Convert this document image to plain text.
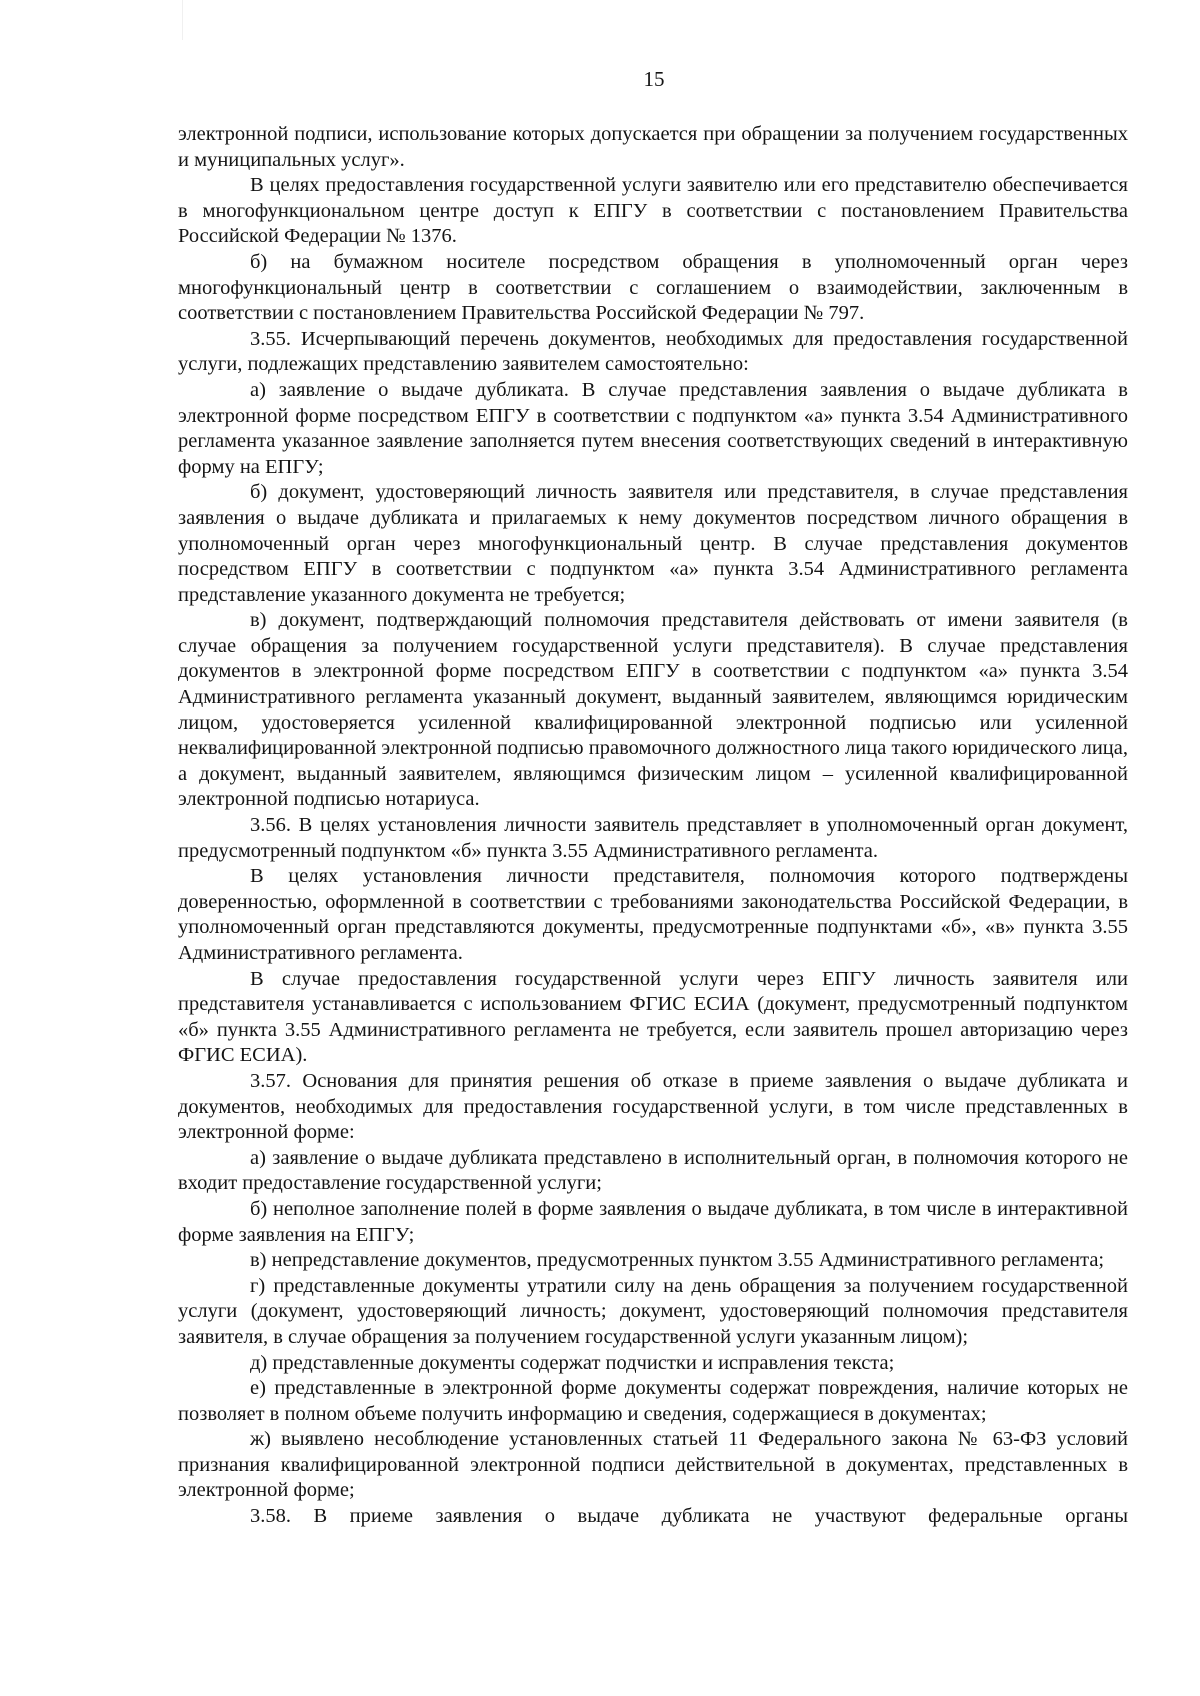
15

электронной подписи, использование которых допускается при обращении за получением государственных и муниципальных услуг».

В целях предоставления государственной услуги заявителю или его представителю обеспечивается в многофункциональном центре доступ к ЕПГУ в соответствии с постановлением Правительства Российской Федерации № 1376.

б) на бумажном носителе посредством обращения в уполномоченный орган через многофункциональный центр в соответствии с соглашением о взаимодействии, заключенным в соответствии с постановлением Правительства Российской Федерации № 797.

3.55. Исчерпывающий перечень документов, необходимых для предоставления государственной услуги, подлежащих представлению заявителем самостоятельно:

а) заявление о выдаче дубликата. В случае представления заявления о выдаче дубликата в электронной форме посредством ЕПГУ в соответствии с подпунктом «а» пункта 3.54 Административного регламента указанное заявление заполняется путем внесения соответствующих сведений в интерактивную форму на ЕПГУ;

б) документ, удостоверяющий личность заявителя или представителя, в случае представления заявления о выдаче дубликата и прилагаемых к нему документов посредством личного обращения в уполномоченный орган через многофункциональный центр. В случае представления документов посредством ЕПГУ в соответствии с подпунктом «а» пункта 3.54 Административного регламента представление указанного документа не требуется;

в) документ, подтверждающий полномочия представителя действовать от имени заявителя (в случае обращения за получением государственной услуги представителя). В случае представления документов в электронной форме посредством ЕПГУ в соответствии с подпунктом «а» пункта 3.54 Административного регламента указанный документ, выданный заявителем, являющимся юридическим лицом, удостоверяется усиленной квалифицированной электронной подписью или усиленной неквалифицированной электронной подписью правомочного должностного лица такого юридического лица, а документ, выданный заявителем, являющимся физическим лицом – усиленной квалифицированной электронной подписью нотариуса.

3.56. В целях установления личности заявитель представляет в уполномоченный орган документ, предусмотренный подпунктом «б» пункта 3.55 Административного регламента.

В целях установления личности представителя, полномочия которого подтверждены доверенностью, оформленной в соответствии с требованиями законодательства Российской Федерации, в уполномоченный орган представляются документы, предусмотренные подпунктами «б», «в» пункта 3.55 Административного регламента.

В случае предоставления государственной услуги через ЕПГУ личность заявителя или представителя устанавливается с использованием ФГИС ЕСИА (документ, предусмотренный подпунктом «б» пункта 3.55 Административного регламента не требуется, если заявитель прошел авторизацию через ФГИС ЕСИА).

3.57. Основания для принятия решения об отказе в приеме заявления о выдаче дубликата и документов, необходимых для предоставления государственной услуги, в том числе представленных в электронной форме:

а) заявление о выдаче дубликата представлено в исполнительный орган, в полномочия которого не входит предоставление государственной услуги;

б) неполное заполнение полей в форме заявления о выдаче дубликата, в том числе в интерактивной форме заявления на ЕПГУ;

в) непредставление документов, предусмотренных пунктом 3.55 Административного регламента;

г) представленные документы утратили силу на день обращения за получением государственной услуги (документ, удостоверяющий личность; документ, удостоверяющий полномочия представителя заявителя, в случае обращения за получением государственной услуги указанным лицом);

д) представленные документы содержат подчистки и исправления текста;

е) представленные в электронной форме документы содержат повреждения, наличие которых не позволяет в полном объеме получить информацию и сведения, содержащиеся в документах;

ж) выявлено несоблюдение установленных статьей 11 Федерального закона № 63-ФЗ условий признания квалифицированной электронной подписи действительной в документах, представленных в электронной форме;

3.58. В приеме заявления о выдаче дубликата не участвуют федеральные органы
